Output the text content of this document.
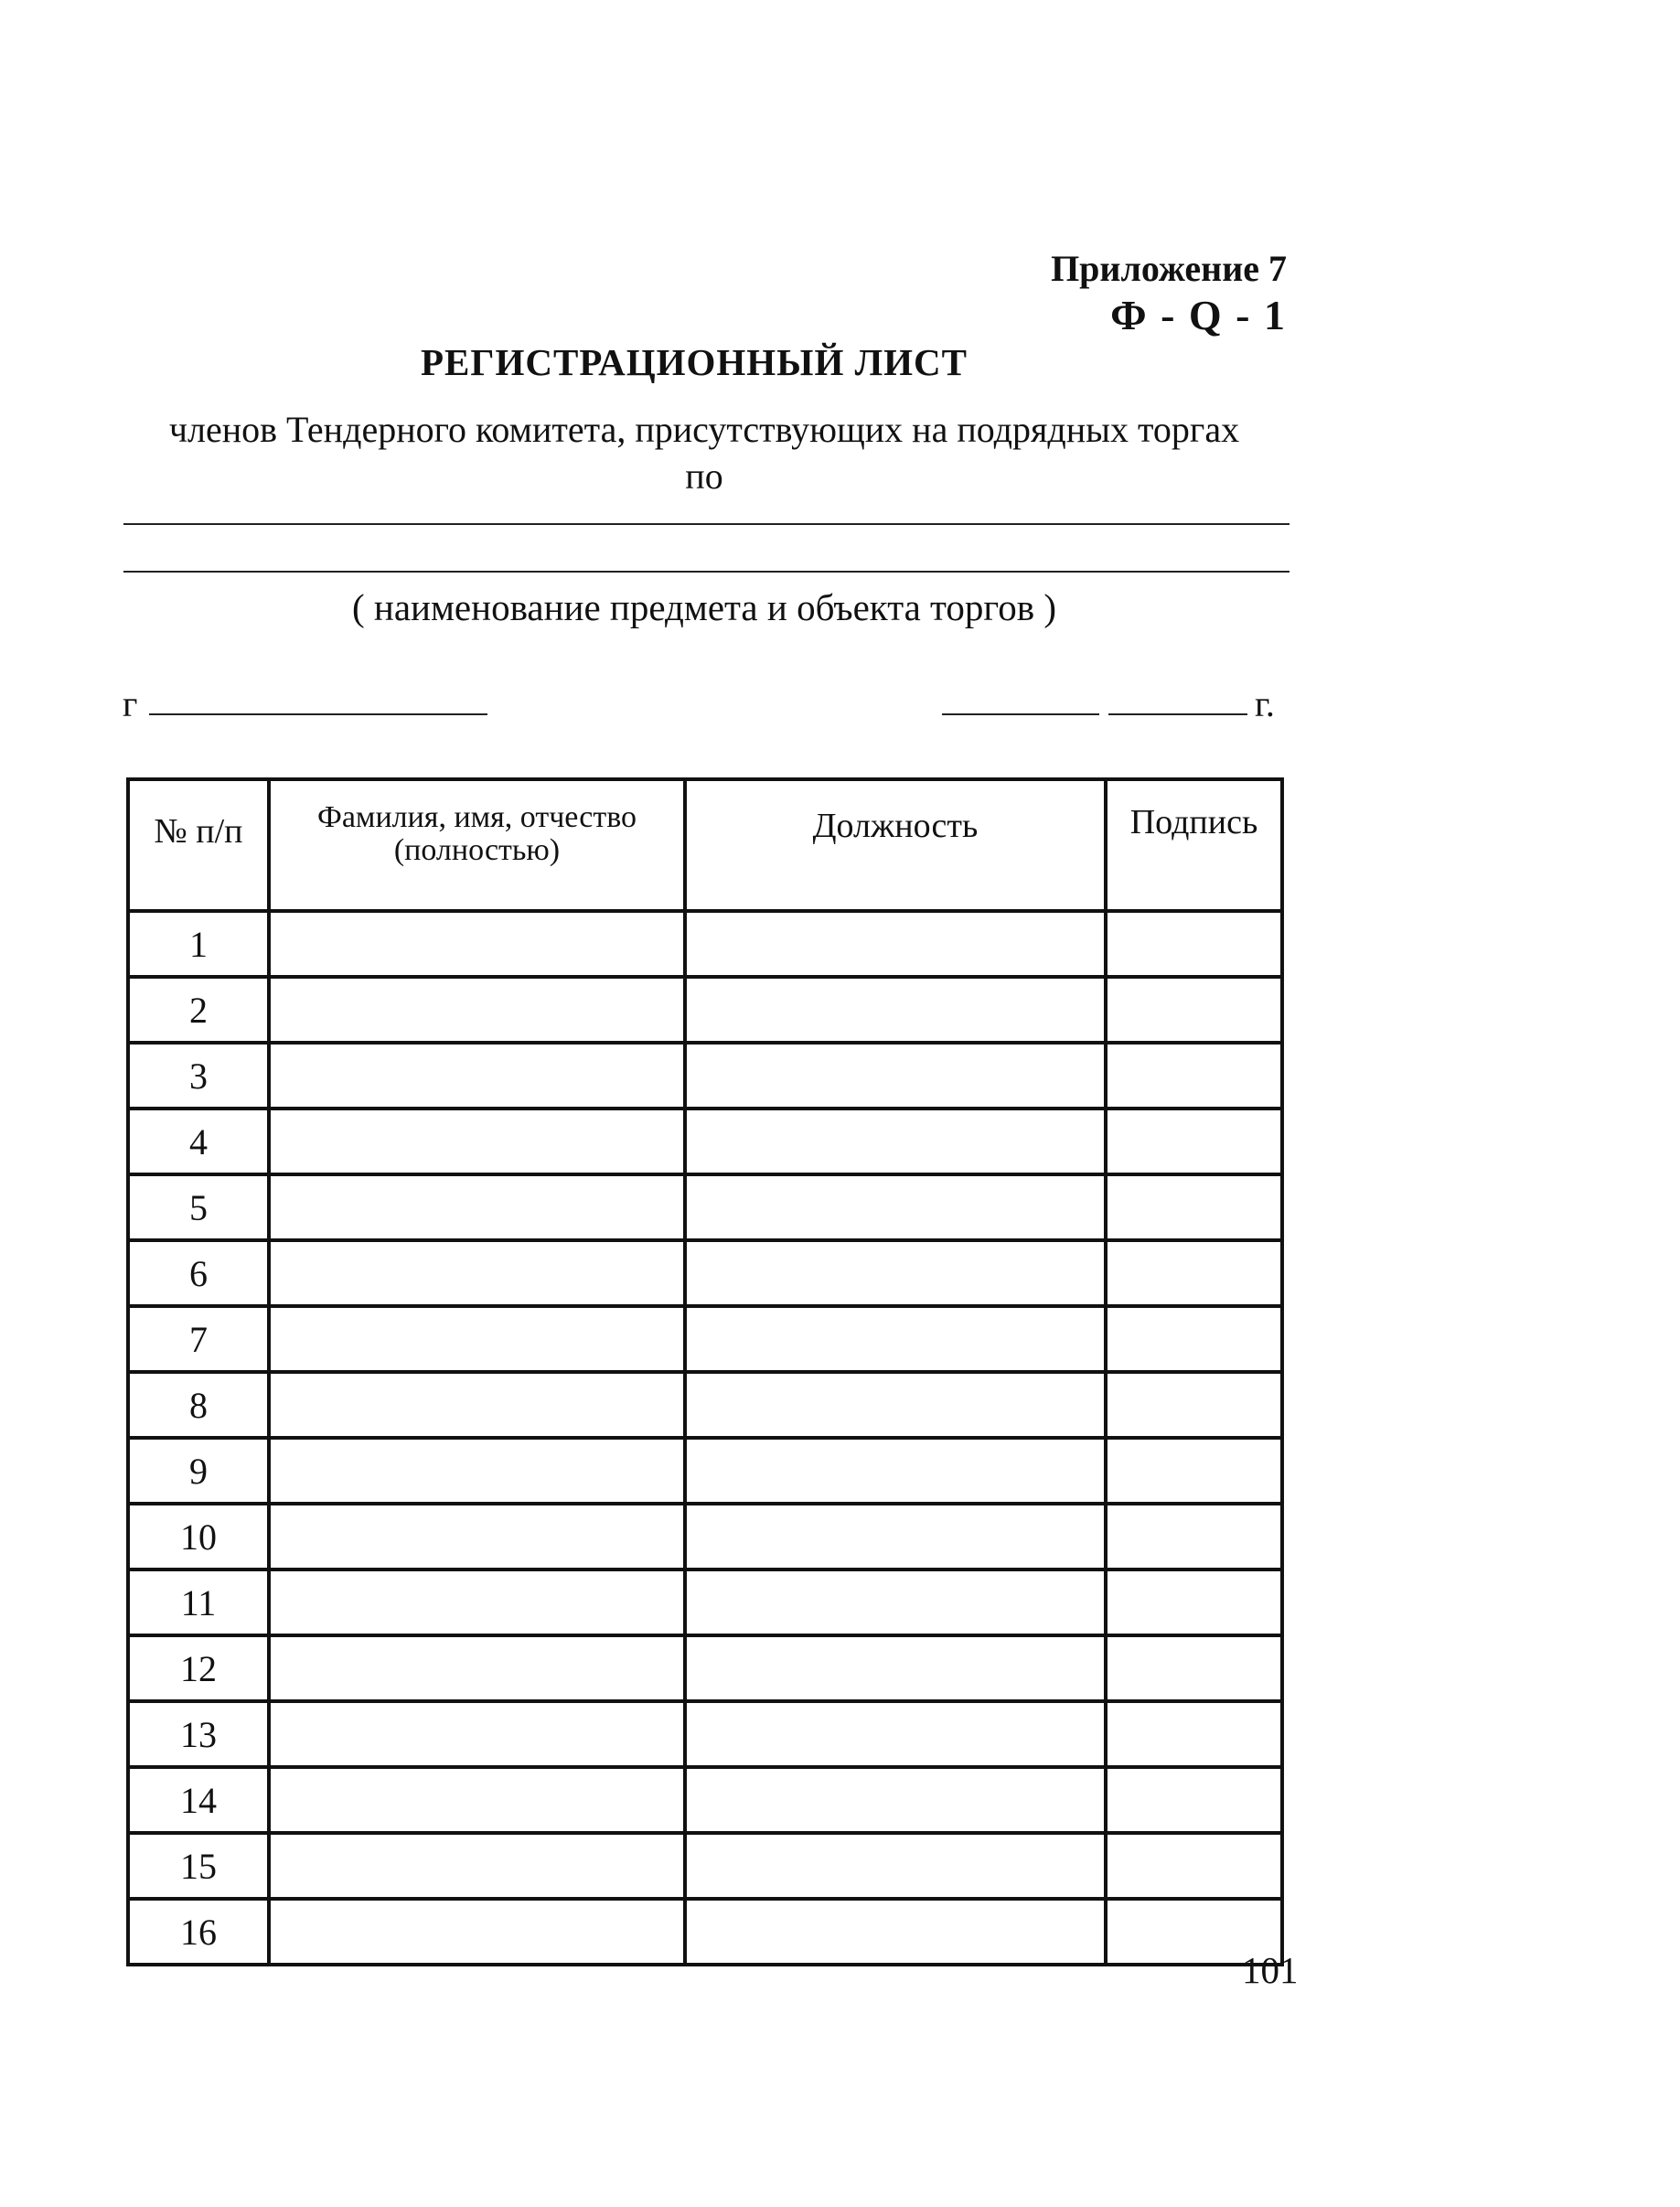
Приложение 7
Ф - Q - 1
РЕГИСТРАЦИОННЫЙ ЛИСТ
членов Тендерного комитета, присутствующих на подрядных торгах
по
( наименование предмета и объекта торгов )
г	г.
№ п/п	Фамилия, имя, отчество (полностью)	Должность	Подпись
1			
2			
3			
4			
5			
6			
7			
8			
9			
10			
11			
12			
13			
14			
15			
16			
101
